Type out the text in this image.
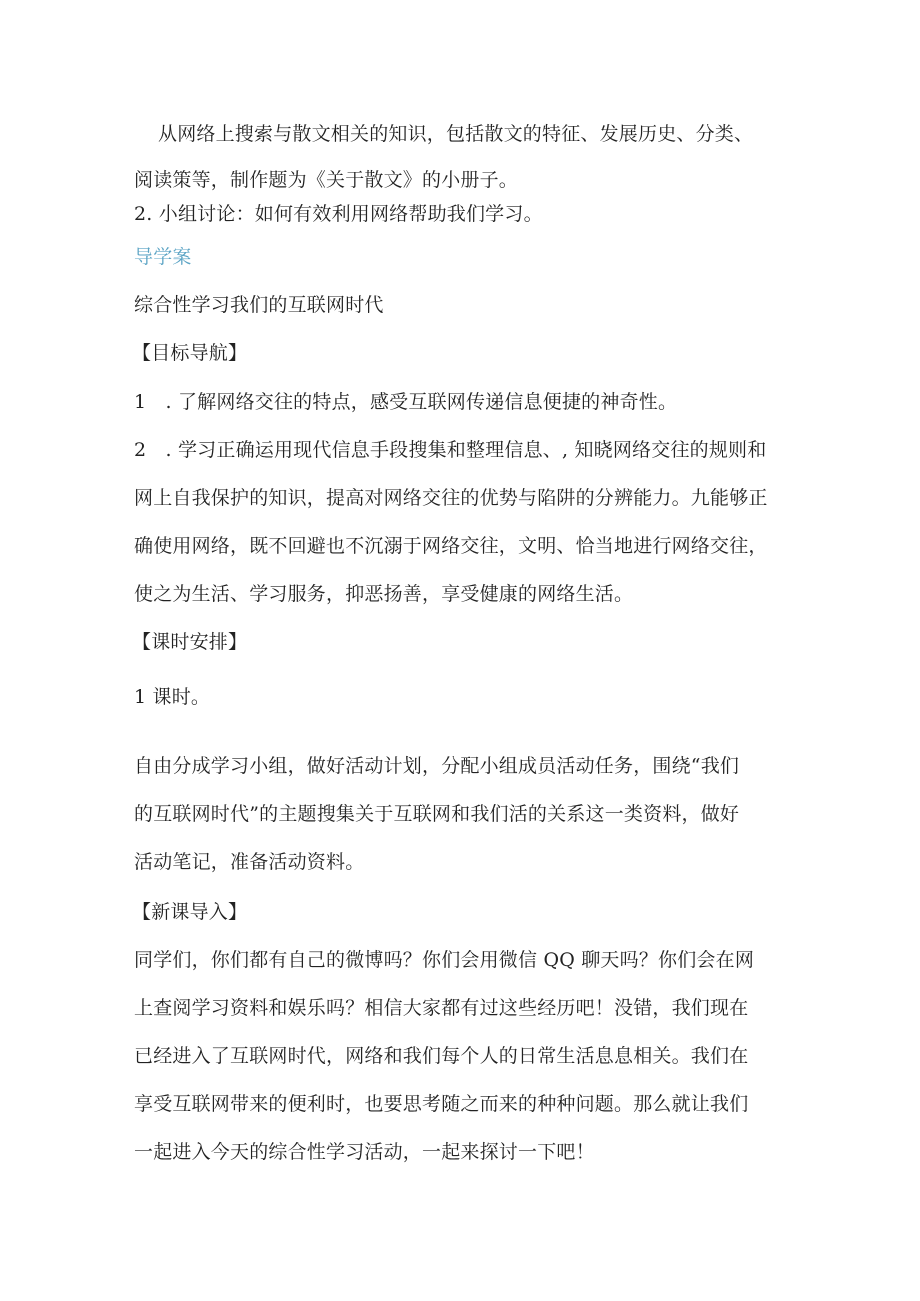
从网络上搜索与散文相关的知识，包括散文的特征、发展历史、分类、
阅读策等，制作题为《关于散文》的小册子。
2. 小组讨论：如何有效利用网络帮助我们学习。
导学案
综合性学习我们的互联网时代
【目标导航】
1　. 了解网络交往的特点，感受互联网传递信息便捷的神奇性。
2　. 学习正确运用现代信息手段搜集和整理信息、, 知晓网络交往的规则和
网上自我保护的知识，提高对网络交往的优势与陷阱的分辨能力。九能够正
确使用网络，既不回避也不沉溺于网络交往，文明、恰当地进行网络交往，
使之为生活、学习服务，抑恶扬善，享受健康的网络生活。
【课时安排】
1 课时。
自由分成学习小组，做好活动计划，分配小组成员活动任务，围绕“我们
的互联网时代”的主题搜集关于互联网和我们活的关系这一类资料，做好
活动笔记，准备活动资料。
【新课导入】
同学们，你们都有自己的微博吗？你们会用微信 QQ 聊天吗？你们会在网
上查阅学习资料和娱乐吗？相信大家都有过这些经历吧！没错，我们现在
已经进入了互联网时代，网络和我们每个人的日常生活息息相关。我们在
享受互联网带来的便利时，也要思考随之而来的种种问题。那么就让我们
一起进入今天的综合性学习活动，一起来探讨一下吧！
